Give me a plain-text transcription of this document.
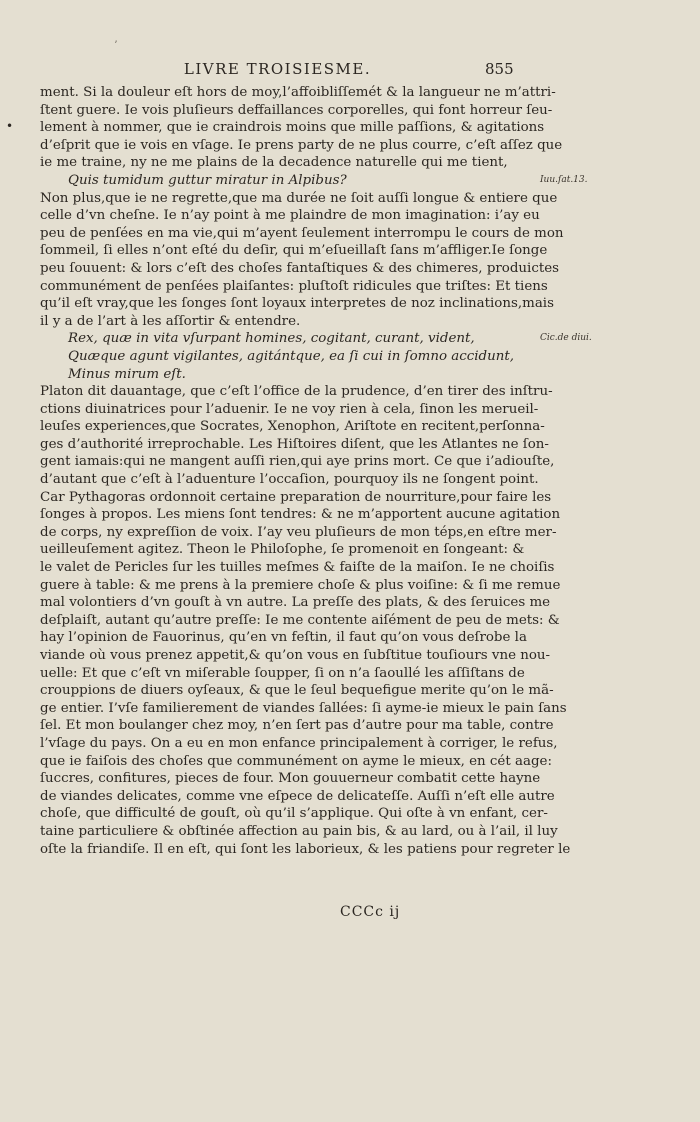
LIVRE TROISIESME.	855
ʼ
•
ment. Si la douleur eſt hors de moy,l’affoibliſſemét & la langueur ne m’attri-
ſtent guere. Ie vois pluſieurs deffaillances corporelles, qui font horreur ſeu-
lement à nommer, que ie craindrois moins que mille paſſions, & agitations
d’eſprit que ie vois en vſage. Ie prens party de ne plus courre, c’eſt aſſez que
ie me traine, ny ne me plains de la decadence naturelle qui me tient,
Quis tumidum guttur miratur in Alpibus?
Non plus,que ie ne regrette,que ma durée ne ſoit auſſi longue & entiere que
celle d’vn cheſne. Ie n’ay point à me plaindre de mon imagination: i’ay eu
peu de penſées en ma vie,qui m’ayent ſeulement interrompu le cours de mon
ſommeil, ſi elles n’ont eſté du deſir, qui m’eſueillaſt ſans m’affliger.Ie ſonge
peu ſouuent: & lors c’eſt des choſes fantaſtiques & des chimeres, produictes
communément de penſées plaiſantes: pluſtoſt ridicules que triſtes: Et tiens
qu’il eſt vray,que les ſonges ſont loyaux interpretes de noz inclinations,mais
il y a de l’art à les aſſortir & entendre.
Rex, quæ in vita vſurpant homines, cogitant, curant, vident,
Quæque agunt vigilantes, agitántque, ea ſi cui in ſomno accidunt,
Minus mirum eſt.
Platon dit dauantage, que c’eſt l’office de la prudence, d’en tirer des inſtru-
ctions diuinatrices pour l’aduenir. Ie ne voy rien à cela, ſinon les merueil-
leuſes experiences,que Socrates, Xenophon, Ariſtote en recitent,perſonna-
ges d’authorité irreprochable. Les Hiſtoires diſent, que les Atlantes ne ſon-
gent iamais:qui ne mangent auſſi rien,qui aye prins mort. Ce que i’adiouſte,
d’autant que c’eſt à l’aduenture l’occaſion, pourquoy ils ne ſongent point.
Car Pythagoras ordonnoit certaine preparation de nourriture,pour faire les
ſonges à propos. Les miens ſont tendres: & ne m’apportent aucune agitation
de corps, ny expreſſion de voix. I’ay veu pluſieurs de mon téps,en eſtre mer-
ueilleuſement agitez. Theon le Philoſophe, ſe promenoit en ſongeant: &
le valet de Pericles ſur les tuilles meſmes & faiſte de la maiſon. Ie ne choiſis
guere à table: & me prens à la premiere choſe & plus voiſine: & ſi me remue
mal volontiers d’vn gouſt à vn autre. La preſſe des plats, & des ſeruices me
deſplaiſt, autant qu’autre preſſe: Ie me contente aiſément de peu de mets: &
hay l’opinion de Fauorinus, qu’en vn feſtin, il faut qu’on vous deſrobe la
viande où vous prenez appetit,& qu’on vous en ſubſtitue touſiours vne nou-
uelle: Et que c’eſt vn miſerable ſoupper, ſi on n’a ſaoullé les aſſiſtans de
crouppions de diuers oyſeaux, & que le ſeul bequefigue merite qu’on le mã-
ge entier. I’vſe familierement de viandes ſallées: ſi ayme-ie mieux le pain ſans
ſel. Et mon boulanger chez moy, n’en ſert pas d’autre pour ma table, contre
l’vſage du pays. On a eu en mon enfance principalement à corriger, le refus,
que ie faiſois des choſes que communément on ayme le mieux, en cét aage:
ſuccres, confitures, pieces de four. Mon gouuerneur combatit cette hayne
de viandes delicates, comme vne eſpece de delicateſſe. Auſſi n’eſt elle autre
choſe, que difficulté de gouſt, où qu’il s’applique. Qui oſte à vn enfant, cer-
taine particuliere & obſtinée affection au pain bis, & au lard, ou à l’ail, il luy
oſte la friandiſe. Il en eſt, qui ſont les laborieux, & les patiens pour regreter le
Iuu.ſat.13.
Cic.de diui.
CCCc ij
